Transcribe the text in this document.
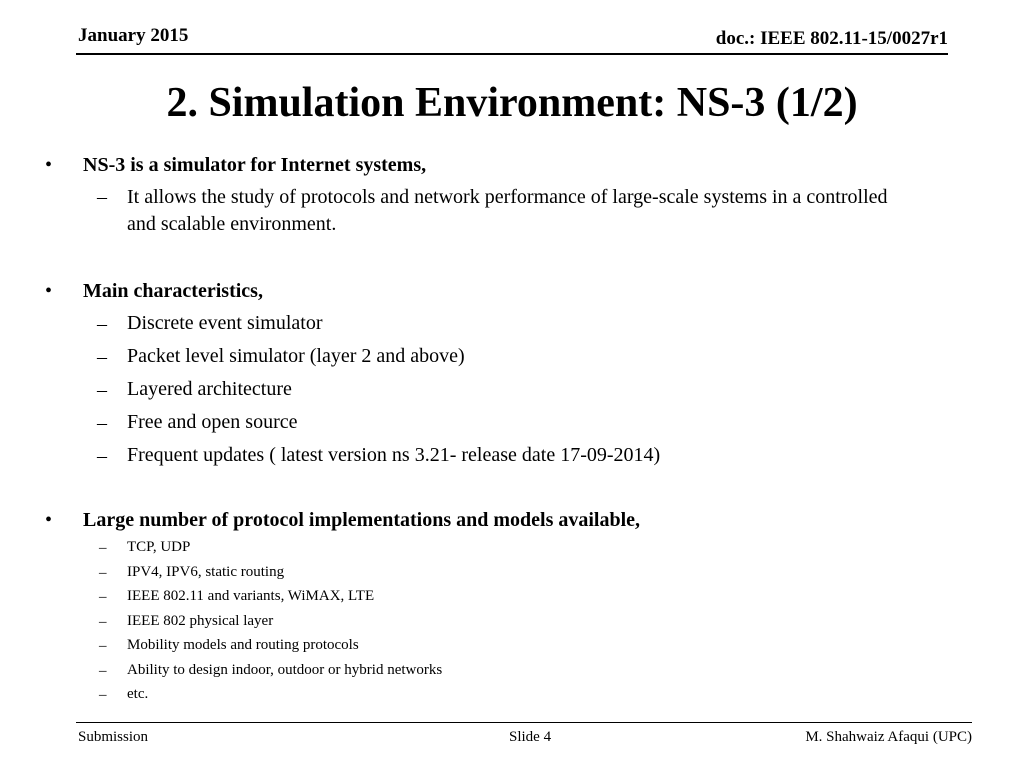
January 2015	doc.: IEEE 802.11-15/0027r1
2. Simulation Environment: NS-3 (1/2)
• NS-3 is a simulator for Internet systems,
– It allows the study of protocols and network performance of large-scale systems in a controlled and scalable environment.
• Main characteristics,
– Discrete event simulator
– Packet level simulator (layer 2 and above)
– Layered architecture
– Free and open source
– Frequent updates ( latest version ns 3.21- release date 17-09-2014)
• Large number of protocol implementations and models available,
– TCP, UDP
– IPV4, IPV6, static routing
– IEEE 802.11 and variants, WiMAX, LTE
– IEEE 802 physical layer
– Mobility models and routing protocols
– Ability to design indoor, outdoor or hybrid networks
– etc.
Submission	Slide 4	M. Shahwaiz Afaqui (UPC)
